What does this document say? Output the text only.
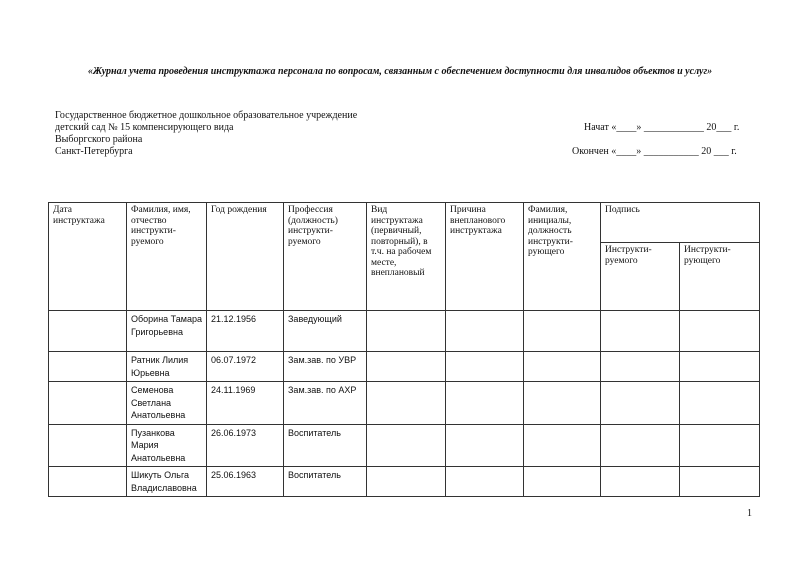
«Журнал учета проведения инструктажа персонала по вопросам, связанным с обеспечением доступности для инвалидов объектов и услуг»
Государственное бюджетное дошкольное образовательное учреждение
детский сад № 15 компенсирующего вида
Выборгского района
Санкт-Петербурга
Начат «____» ____________ 20___ г.
Окончен «____» ___________ 20 ___ г.
Дата инструктажа	Фамилия, имя, отчество инструкти-руемого	Год рождения	Профессия (должность) инструкти-руемого	Вид инструктажа (первичный, повторный), в т.ч. на рабочем месте, внеплановый	Причина внепланового инструктажа	Фамилия, инициалы, должность инструкти-рующего	Подпись	
							Инструкти-руемого	Инструкти-рующего
	Оборина Тамара Григорьевна	21.12.1956	Заведующий					
	Ратник Лилия Юрьевна	06.07.1972	Зам.зав. по УВР					
	Семенова Светлана Анатольевна	24.11.1969	Зам.зав. по АХР					
	Пузанкова Мария Анатольевна	26.06.1973	Воспитатель					
	Шикуть Ольга Владиславовна	25.06.1963	Воспитатель					
1
